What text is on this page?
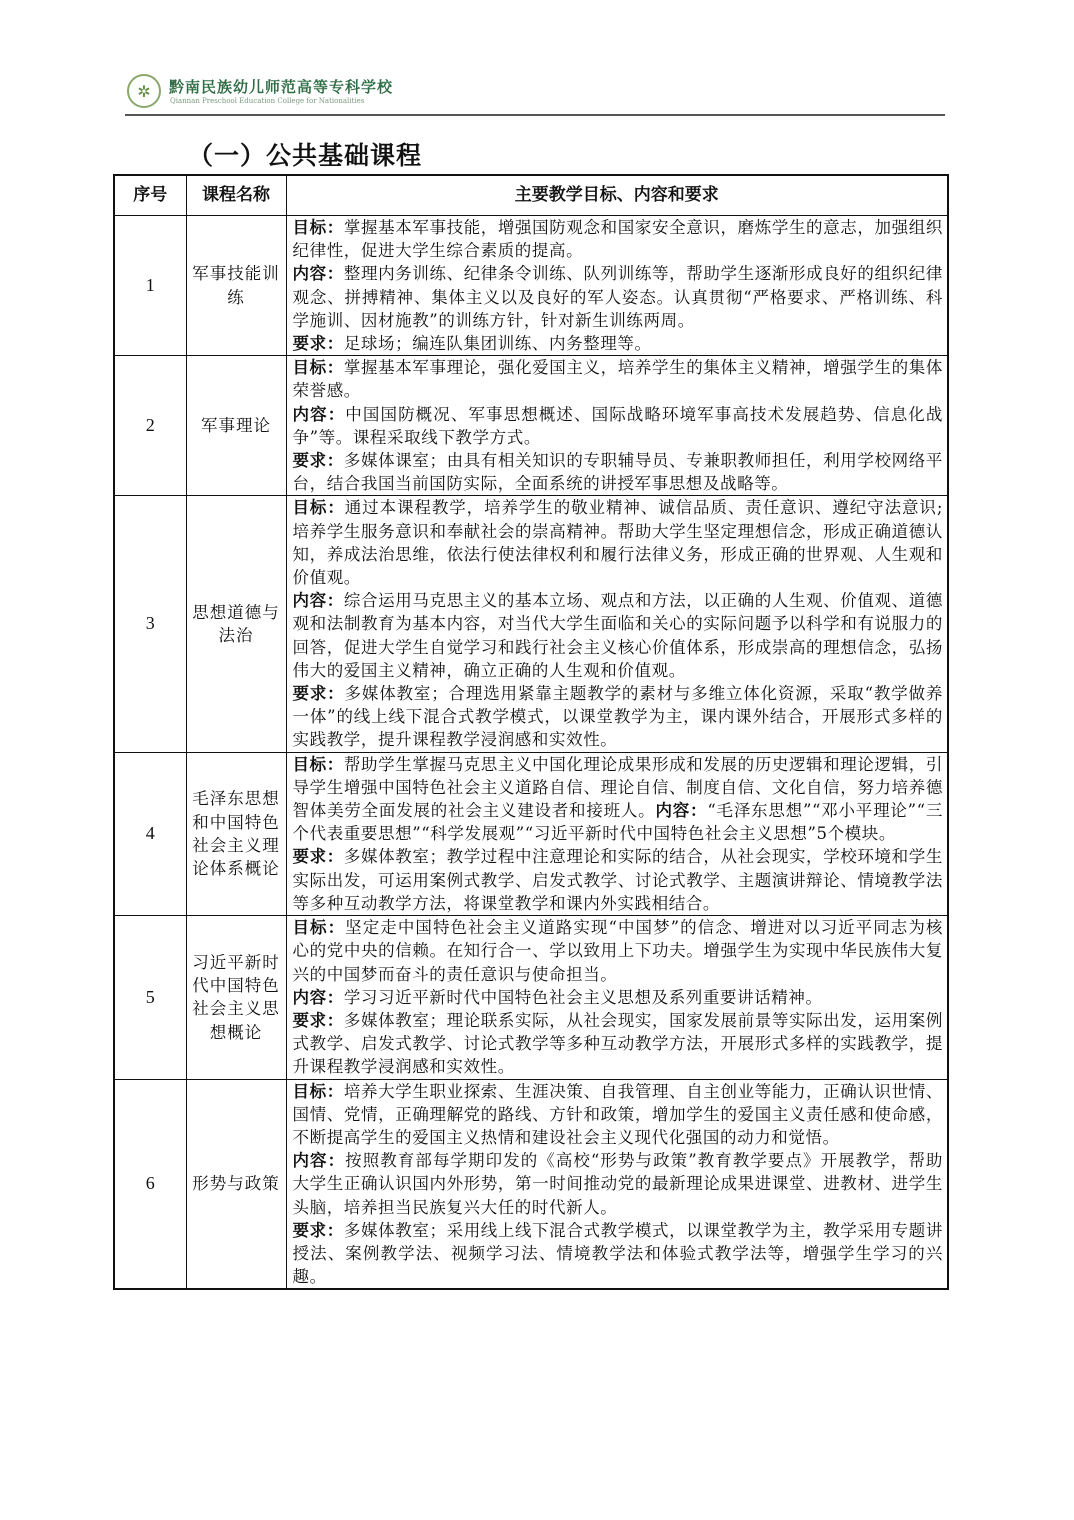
✲	黔南民族幼儿师范高等专科学校
Qiannan Preschool Education College for Nationalities
（一）公共基础课程
序号	课程名称	主要教学目标、内容和要求
1	军事技能训练	目标：掌握基本军事技能，增强国防观念和国家安全意识，磨炼学生的意志，加强组织纪律性，促进大学生综合素质的提高。
内容：整理内务训练、纪律条令训练、队列训练等，帮助学生逐渐形成良好的组织纪律观念、拼搏精神、集体主义以及良好的军人姿态。认真贯彻“严格要求、严格训练、科学施训、因材施教”的训练方针，针对新生训练两周。
要求：足球场；编连队集团训练、内务整理等。
2	军事理论	目标：掌握基本军事理论，强化爱国主义，培养学生的集体主义精神，增强学生的集体荣誉感。
内容：中国国防概况、军事思想概述、国际战略环境军事高技术发展趋势、信息化战争”等。课程采取线下教学方式。
要求：多媒体课室；由具有相关知识的专职辅导员、专兼职教师担任，利用学校网络平台，结合我国当前国防实际，全面系统的讲授军事思想及战略等。
3	思想道德与法治	目标：通过本课程教学，培养学生的敬业精神、诚信品质、责任意识、遵纪守法意识;培养学生服务意识和奉献社会的崇高精神。帮助大学生坚定理想信念，形成正确道德认知，养成法治思维，依法行使法律权利和履行法律义务，形成正确的世界观、人生观和价值观。
内容：综合运用马克思主义的基本立场、观点和方法，以正确的人生观、价值观、道德观和法制教育为基本内容，对当代大学生面临和关心的实际问题予以科学和有说服力的回答，促进大学生自觉学习和践行社会主义核心价值体系，形成崇高的理想信念，弘扬伟大的爱国主义精神，确立正确的人生观和价值观。
要求：多媒体教室；合理选用紧靠主题教学的素材与多维立体化资源，采取“教学做养一体”的线上线下混合式教学模式，以课堂教学为主，课内课外结合，开展形式多样的实践教学，提升课程教学浸润感和实效性。
4	毛泽东思想和中国特色社会主义理论体系概论	目标：帮助学生掌握马克思主义中国化理论成果形成和发展的历史逻辑和理论逻辑，引导学生增强中国特色社会主义道路自信、理论自信、制度自信、文化自信，努力培养德智体美劳全面发展的社会主义建设者和接班人。内容：“毛泽东思想”“邓小平理论”“三个代表重要思想”“科学发展观”“习近平新时代中国特色社会主义思想”5个模块。
要求：多媒体教室；教学过程中注意理论和实际的结合，从社会现实，学校环境和学生实际出发，可运用案例式教学、启发式教学、讨论式教学、主题演讲辩论、情境教学法等多种互动教学方法，将课堂教学和课内外实践相结合。
5	习近平新时代中国特色社会主义思想概论	目标：坚定走中国特色社会主义道路实现“中国梦”的信念、增进对以习近平同志为核心的党中央的信赖。在知行合一、学以致用上下功夫。增强学生为实现中华民族伟大复兴的中国梦而奋斗的责任意识与使命担当。
内容：学习习近平新时代中国特色社会主义思想及系列重要讲话精神。
要求：多媒体教室；理论联系实际，从社会现实，国家发展前景等实际出发，运用案例式教学、启发式教学、讨论式教学等多种互动教学方法，开展形式多样的实践教学，提升课程教学浸润感和实效性。
6	形势与政策	目标：培养大学生职业探索、生涯决策、自我管理、自主创业等能力，正确认识世情、国情、党情，正确理解党的路线、方针和政策，增加学生的爱国主义责任感和使命感，不断提高学生的爱国主义热情和建设社会主义现代化强国的动力和觉悟。
内容：按照教育部每学期印发的《高校“形势与政策”教育教学要点》开展教学，帮助大学生正确认识国内外形势，第一时间推动党的最新理论成果进课堂、进教材、进学生头脑，培养担当民族复兴大任的时代新人。
要求：多媒体教室；采用线上线下混合式教学模式，以课堂教学为主，教学采用专题讲授法、案例教学法、视频学习法、情境教学法和体验式教学法等，增强学生学习的兴趣。
